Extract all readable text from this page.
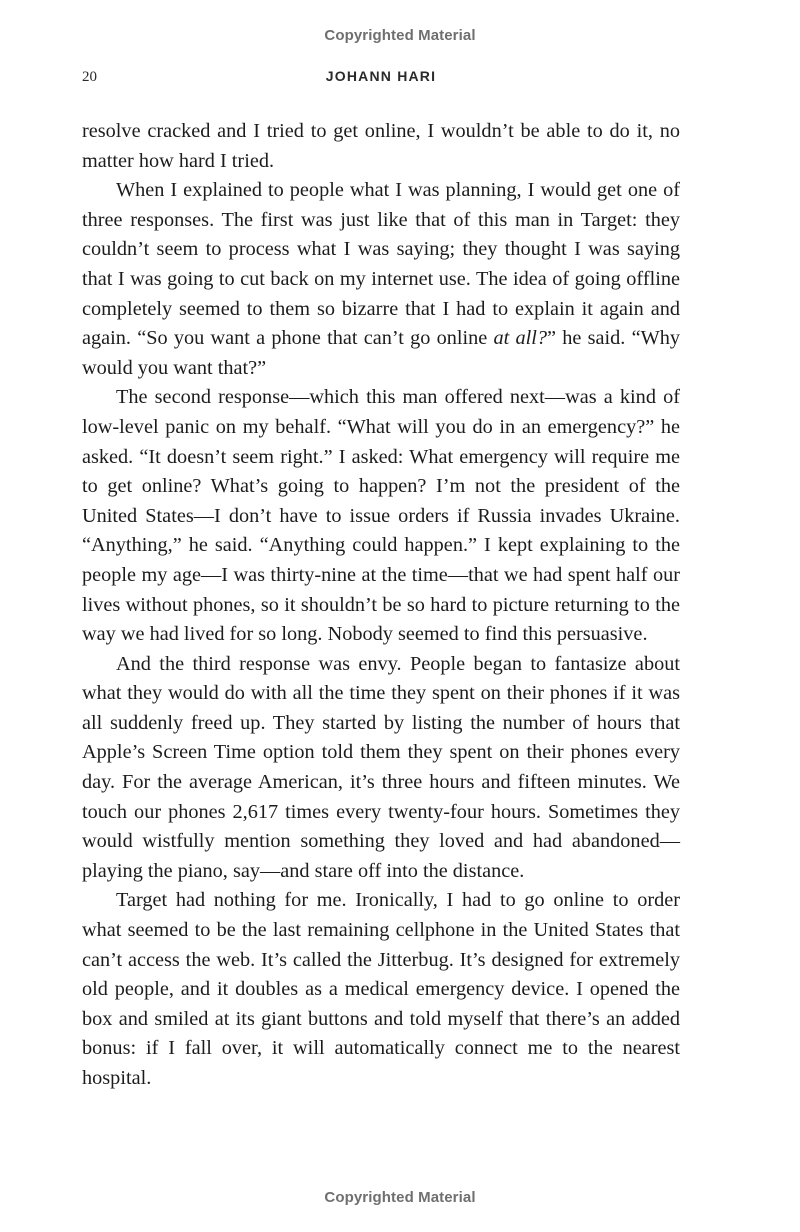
Copyrighted Material
20	JOHANN HARI

resolve cracked and I tried to get online, I wouldn’t be able to do it, no matter how hard I tried.

When I explained to people what I was planning, I would get one of three responses. The first was just like that of this man in Target: they couldn’t seem to process what I was saying; they thought I was saying that I was going to cut back on my internet use. The idea of going offline completely seemed to them so bizarre that I had to explain it again and again. “So you want a phone that can’t go online at all?” he said. “Why would you want that?”

The second response—which this man offered next—was a kind of low-level panic on my behalf. “What will you do in an emergency?” he asked. “It doesn’t seem right.” I asked: What emergency will require me to get online? What’s going to happen? I’m not the president of the United States—I don’t have to issue orders if Russia invades Ukraine. “Anything,” he said. “Anything could happen.” I kept explaining to the people my age—I was thirty-nine at the time—that we had spent half our lives without phones, so it shouldn’t be so hard to picture returning to the way we had lived for so long. Nobody seemed to find this persuasive.

And the third response was envy. People began to fantasize about what they would do with all the time they spent on their phones if it was all suddenly freed up. They started by listing the number of hours that Apple’s Screen Time option told them they spent on their phones every day. For the average American, it’s three hours and fifteen minutes. We touch our phones 2,617 times every twenty-four hours. Sometimes they would wistfully mention something they loved and had abandoned—playing the piano, say—and stare off into the distance.

Target had nothing for me. Ironically, I had to go online to order what seemed to be the last remaining cellphone in the United States that can’t access the web. It’s called the Jitterbug. It’s designed for extremely old people, and it doubles as a medical emergency device. I opened the box and smiled at its giant buttons and told myself that there’s an added bonus: if I fall over, it will automatically connect me to the nearest hospital.

Copyrighted Material
